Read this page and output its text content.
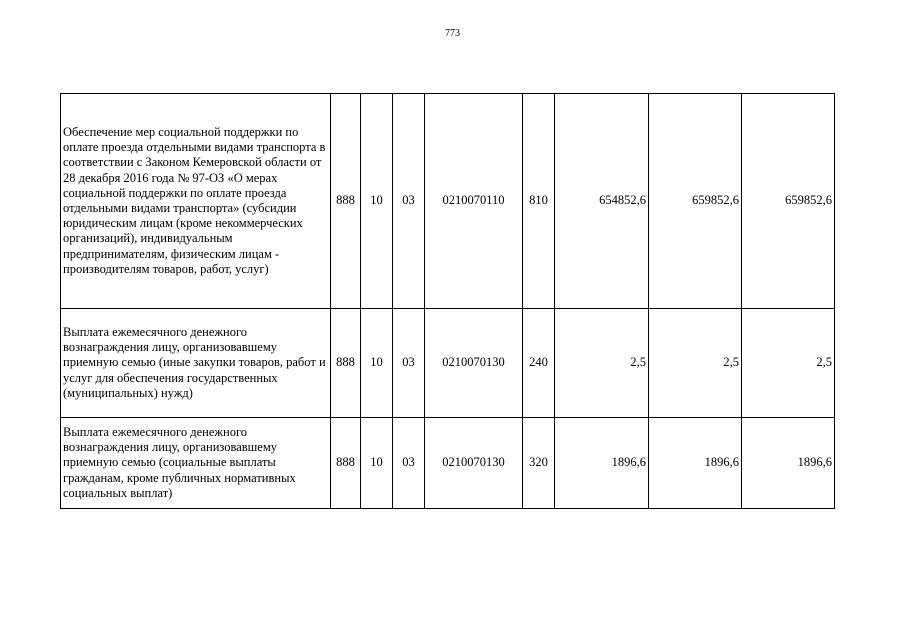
773
Обеспечение мер социальной поддержки по оплате проезда отдельными видами транспорта в соответствии с Законом Кемеровской области от 28 декабря 2016 года № 97-ОЗ «О мерах социальной поддержки по оплате проезда отдельными видами транспорта» (субсидии юридическим лицам (кроме некоммерческих организаций), индивидуальным предпринимателям, физическим лицам - производителям товаров, работ, услуг)	888	10	03	0210070110	810	654852,6	659852,6	659852,6
Выплата ежемесячного денежного вознаграждения лицу, организовавшему приемную семью (иные закупки товаров, работ и услуг для обеспечения государственных (муниципальных) нужд)	888	10	03	0210070130	240	2,5	2,5	2,5
Выплата ежемесячного денежного вознаграждения лицу, организовавшему приемную семью (социальные выплаты гражданам, кроме публичных нормативных социальных выплат)	888	10	03	0210070130	320	1896,6	1896,6	1896,6
